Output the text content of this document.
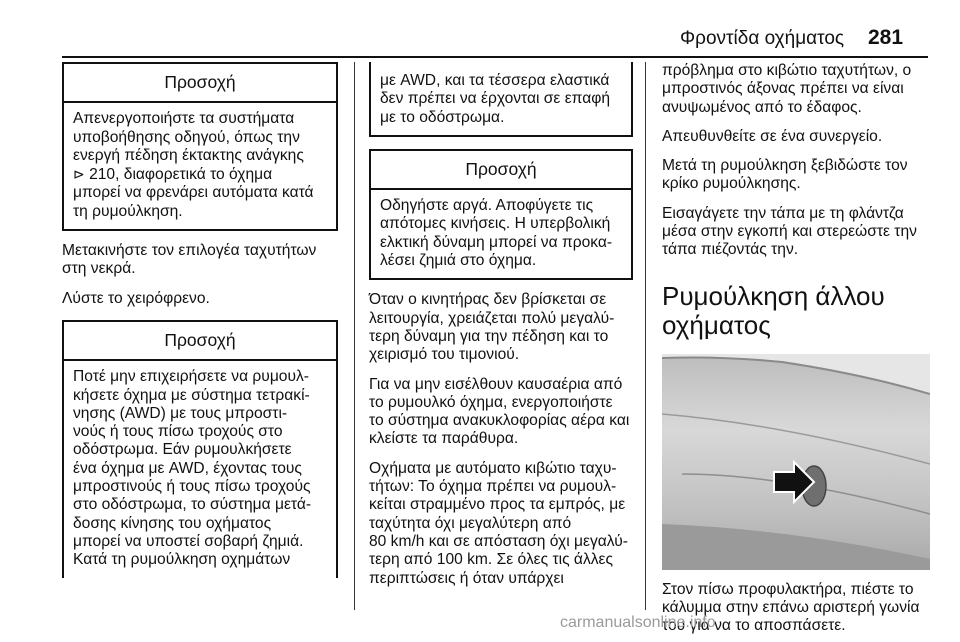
Φροντίδα οχήματος 281
Προσοχή

Απενεργοποιήστε τα συστήματα

υποβοήθησης οδηγού, όπως την

ενεργή πέδηση έκτακτης ανάγκης

⊳ 210, διαφορετικά το όχημα

μπορεί να φρενάρει αυτόματα κατά

τη ρυμούλκηση.

Μετακινήστε τον επιλογέα ταχυτήτων

στη νεκρά.

Λύστε το χειρόφρενο.

Προσοχή

Ποτέ μην επιχειρήσετε να ρυμουλ-

κήσετε όχημα με σύστημα τετρακί-

νησης (AWD) με τους μπροστι-

νούς ή τους πίσω τροχούς στο

οδόστρωμα. Εάν ρυμουλκήσετε

ένα όχημα με AWD, έχοντας τους

μπροστινούς ή τους πίσω τροχούς

στο οδόστρωμα, το σύστημα μετά-

δοσης κίνησης του οχήματος

μπορεί να υποστεί σοβαρή ζημιά.

Κατά τη ρυμούλκηση οχημάτων

με AWD, και τα τέσσερα ελαστικά

δεν πρέπει να έρχονται σε επαφή

με το οδόστρωμα.

Προσοχή

Οδηγήστε αργά. Αποφύγετε τις

απότομες κινήσεις. Η υπερβολική

ελκτική δύναμη μπορεί να προκα-

λέσει ζημιά στο όχημα.

Όταν ο κινητήρας δεν βρίσκεται σε

λειτουργία, χρειάζεται πολύ μεγαλύ-

τερη δύναμη για την πέδηση και το

χειρισμό του τιμονιού.

Για να μην εισέλθουν καυσαέρια από

το ρυμουλκό όχημα, ενεργοποιήστε

το σύστημα ανακυκλοφορίας αέρα και

κλείστε τα παράθυρα.

Οχήματα με αυτόματο κιβώτιο ταχυ-

τήτων: Το όχημα πρέπει να ρυμουλ-

κείται στραμμένο προς τα εμπρός, με

ταχύτητα όχι μεγαλύτερη από

80 km/h και σε απόσταση όχι μεγαλύ-

τερη από 100 km. Σε όλες τις άλλες

περιπτώσεις ή όταν υπάρχει

πρόβλημα στο κιβώτιο ταχυτήτων, ο

μπροστινός άξονας πρέπει να είναι

ανυψωμένος από το έδαφος.

Απευθυνθείτε σε ένα συνεργείο.

Μετά τη ρυμούλκηση ξεβιδώστε τον

κρίκο ρυμούλκησης.

Εισαγάγετε την τάπα με τη φλάντζα

μέσα στην εγκοπή και στερεώστε την

τάπα πιέζοντάς την.

Ρυμούλκηση άλλου

οχήματος

Στον πίσω προφυλακτήρα, πιέστε το

κάλυμμα στην επάνω αριστερή γωνία

του για να το αποσπάσετε.

carmanualsonline.info
